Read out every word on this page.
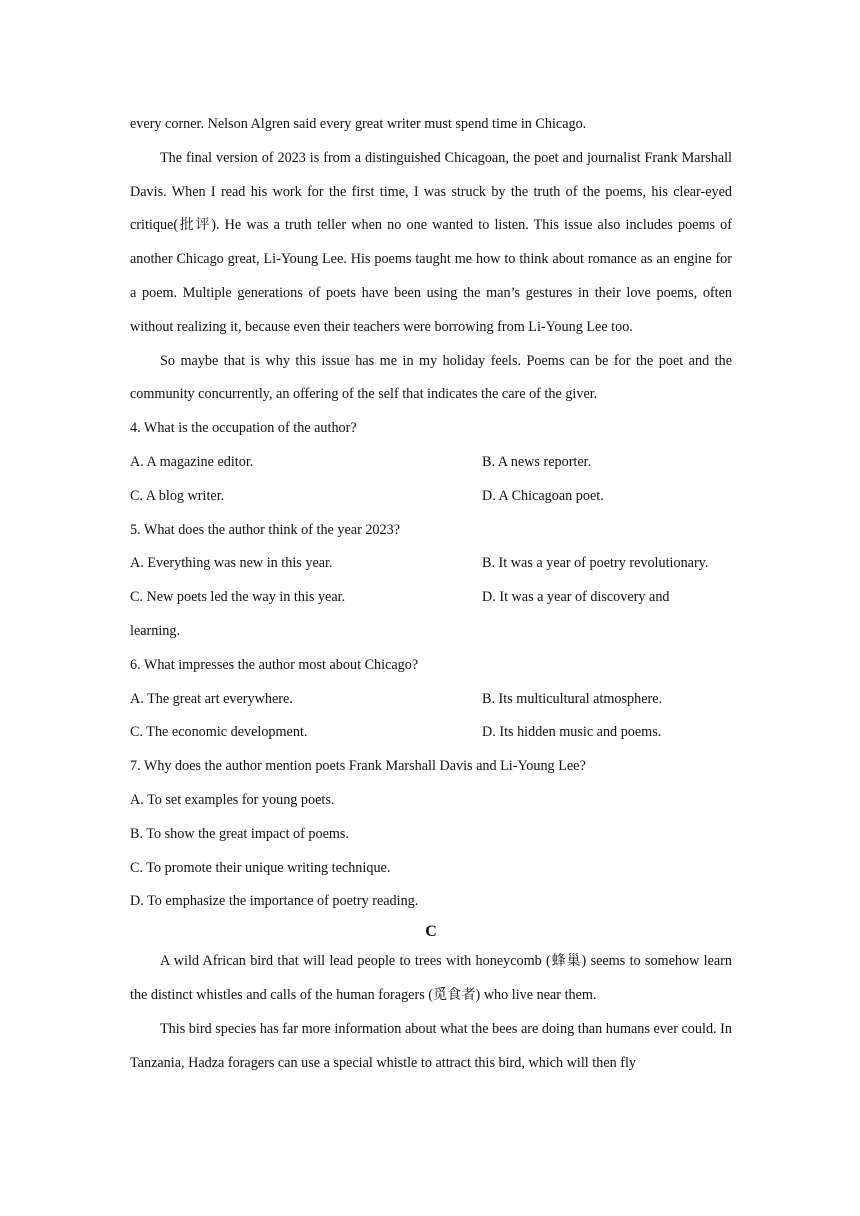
every corner. Nelson Algren said every great writer must spend time in Chicago.

The final version of 2023 is from a distinguished Chicagoan, the poet and journalist Frank Marshall Davis. When I read his work for the first time, I was struck by the truth of the poems, his clear-eyed critique(批评). He was a truth teller when no one wanted to listen. This issue also includes poems of another Chicago great, Li-Young Lee. His poems taught me how to think about romance as an engine for a poem. Multiple generations of poets have been using the man’s gestures in their love poems, often without realizing it, because even their teachers were borrowing from Li-Young Lee too.

So maybe that is why this issue has me in my holiday feels. Poems can be for the poet and the community concurrently, an offering of the self that indicates the care of the giver.

4. What is the occupation of the author?

A. A magazine editor.	B. A news reporter.

C. A blog writer.	D. A Chicagoan poet.

5. What does the author think of the year 2023?

A. Everything was new in this year.	B. It was a year of poetry revolutionary.

C. New poets led the way in this year.	D. It was a year of discovery and

learning.

6. What impresses the author most about Chicago?

A. The great art everywhere.	B. Its multicultural atmosphere.

C. The economic development.	D. Its hidden music and poems.

7. Why does the author mention poets Frank Marshall Davis and Li-Young Lee?

A. To set examples for young poets.

B. To show the great impact of poems.

C. To promote their unique writing technique.

D. To emphasize the importance of poetry reading.

C

A wild African bird that will lead people to trees with honeycomb (蜂巢) seems to somehow learn the distinct whistles and calls of the human foragers (觅食者) who live near them.

This bird species has far more information about what the bees are doing than humans ever could. In Tanzania, Hadza foragers can use a special whistle to attract this bird, which will then fly
